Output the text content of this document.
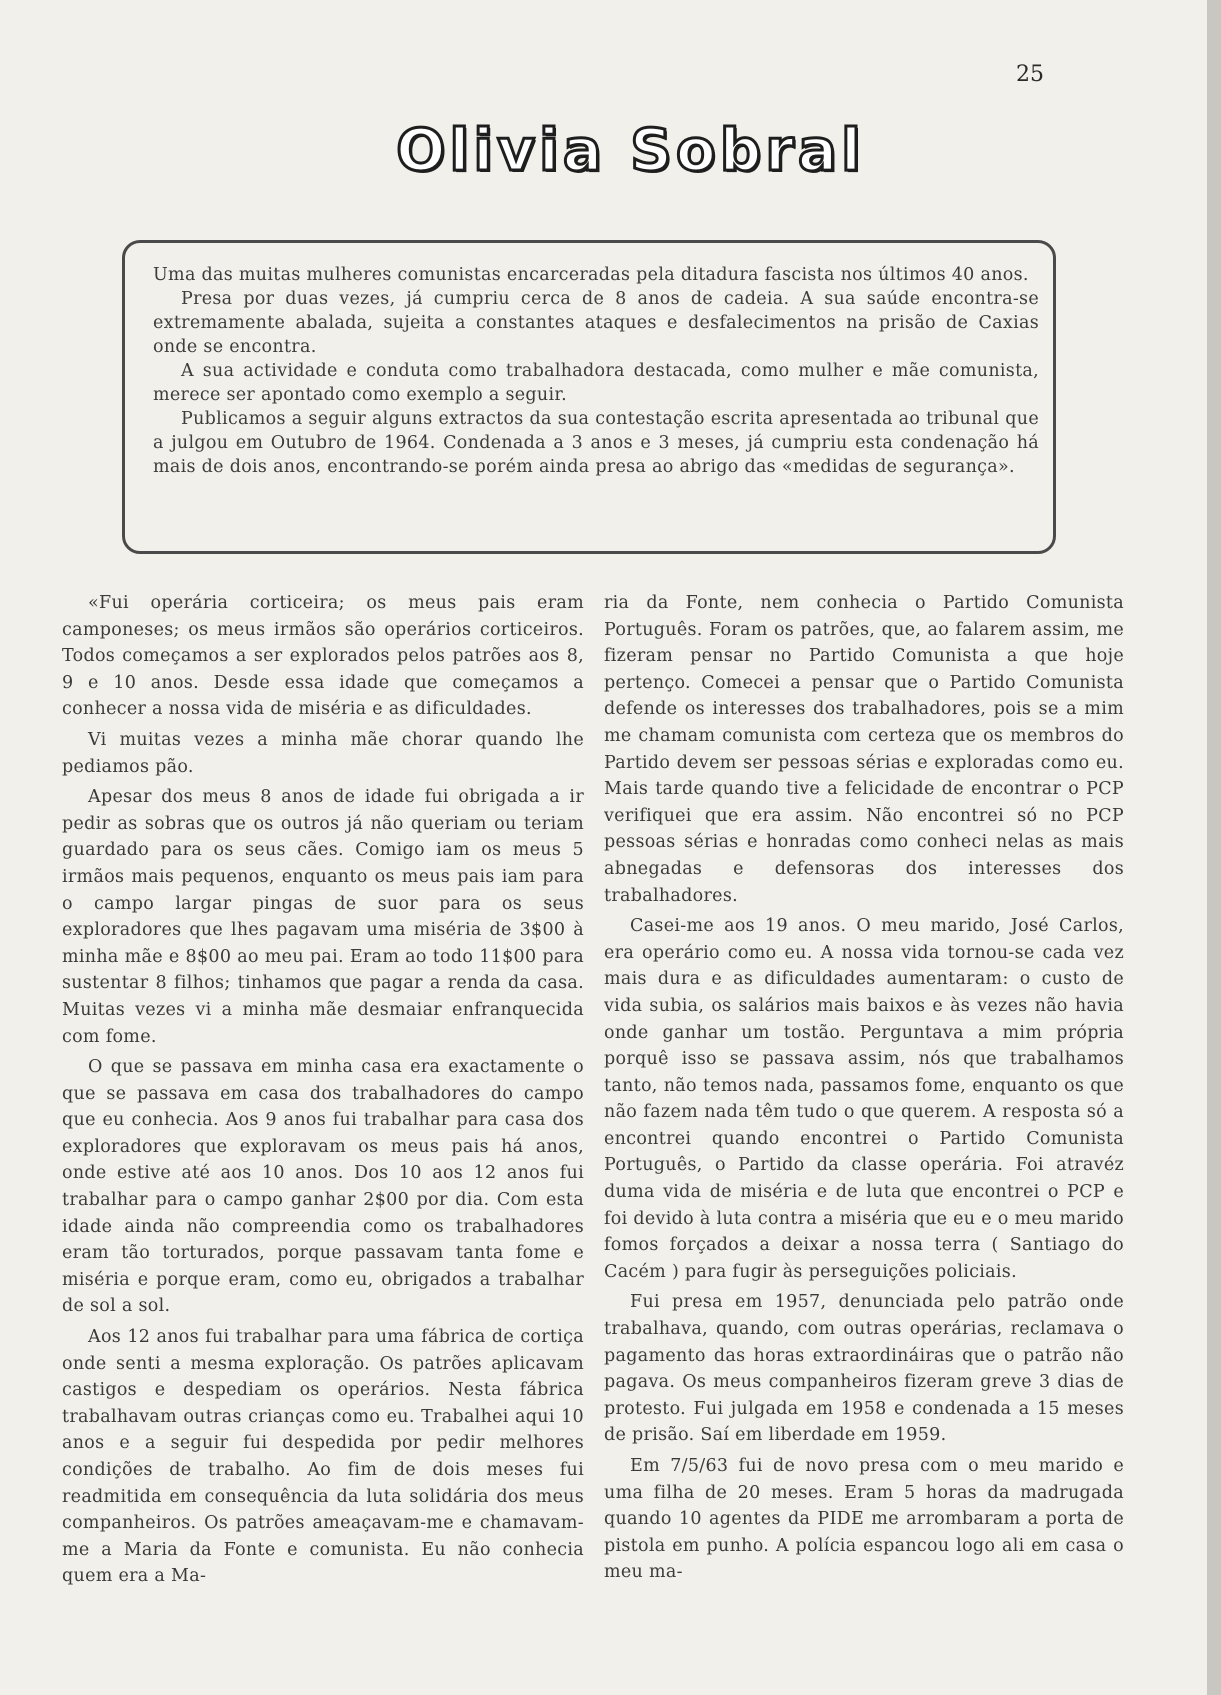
25
Olivia Sobral

Uma das muitas mulheres comunistas encarceradas pela ditadura fascista nos últimos 40 anos.

Presa por duas vezes, já cumpriu cerca de 8 anos de cadeia. A sua saúde encontra-se extremamente abalada, sujeita a constantes ataques e desfalecimentos na prisão de Caxias onde se encontra.

A sua actividade e conduta como trabalhadora destacada, como mulher e mãe comunista, merece ser apontado como exemplo a seguir.

Publicamos a seguir alguns extractos da sua contestação escrita apresentada ao tribunal que a julgou em Outubro de 1964. Condenada a 3 anos e 3 meses, já cumpriu esta condenação há mais de dois anos, encontrando-se porém ainda presa ao abrigo das «medidas de segurança».

«Fui operária corticeira; os meus pais eram camponeses; os meus irmãos são operários corticeiros. Todos começamos a ser explorados pelos patrões aos 8, 9 e 10 anos. Desde essa idade que começamos a conhecer a nossa vida de miséria e as dificuldades.

Vi muitas vezes a minha mãe chorar quando lhe pediamos pão.

Apesar dos meus 8 anos de idade fui obrigada a ir pedir as sobras que os outros já não queriam ou teriam guardado para os seus cães. Comigo iam os meus 5 irmãos mais pequenos, enquanto os meus pais iam para o campo largar pingas de suor para os seus exploradores que lhes pagavam uma miséria de 3$00 à minha mãe e 8$00 ao meu pai. Eram ao todo 11$00 para sustentar 8 filhos; tinhamos que pagar a renda da casa. Muitas vezes vi a minha mãe desmaiar enfranquecida com fome.

O que se passava em minha casa era exactamente o que se passava em casa dos trabalhadores do campo que eu conhecia. Aos 9 anos fui trabalhar para casa dos exploradores que exploravam os meus pais há anos, onde estive até aos 10 anos. Dos 10 aos 12 anos fui trabalhar para o campo ganhar 2$00 por dia. Com esta idade ainda não compreendia como os trabalhadores eram tão torturados, porque passavam tanta fome e miséria e porque eram, como eu, obrigados a trabalhar de sol a sol.

Aos 12 anos fui trabalhar para uma fábrica de cortiça onde senti a mesma exploração. Os patrões aplicavam castigos e despediam os operários. Nesta fábrica trabalhavam outras crianças como eu. Trabalhei aqui 10 anos e a seguir fui despedida por pedir melhores condições de trabalho. Ao fim de dois meses fui readmitida em consequência da luta solidária dos meus companheiros. Os patrões ameaçavam-me e chamavam-me a Maria da Fonte e comunista. Eu não conhecia quem era a Ma-

ria da Fonte, nem conhecia o Partido Comunista Português. Foram os patrões, que, ao falarem assim, me fizeram pensar no Partido Comunista a que hoje pertenço. Comecei a pensar que o Partido Comunista defende os interesses dos trabalhadores, pois se a mim me chamam comunista com certeza que os membros do Partido devem ser pessoas sérias e exploradas como eu. Mais tarde quando tive a felicidade de encontrar o PCP verifiquei que era assim. Não encontrei só no PCP pessoas sérias e honradas como conheci nelas as mais abnegadas e defensoras dos interesses dos trabalhadores.

Casei-me aos 19 anos. O meu marido, José Carlos, era operário como eu. A nossa vida tornou-se cada vez mais dura e as dificuldades aumentaram: o custo de vida subia, os salários mais baixos e às vezes não havia onde ganhar um tostão. Perguntava a mim própria porquê isso se passava assim, nós que trabalhamos tanto, não temos nada, passamos fome, enquanto os que não fazem nada têm tudo o que querem. A resposta só a encontrei quando encontrei o Partido Comunista Português, o Partido da classe operária. Foi atravéz duma vida de miséria e de luta que encontrei o PCP e foi devido à luta contra a miséria que eu e o meu marido fomos forçados a deixar a nossa terra ( Santiago do Cacém ) para fugir às perseguições policiais.

Fui presa em 1957, denunciada pelo patrão onde trabalhava, quando, com outras operárias, reclamava o pagamento das horas extraordináiras que o patrão não pagava. Os meus companheiros fizeram greve 3 dias de protesto. Fui julgada em 1958 e condenada a 15 meses de prisão. Saí em liberdade em 1959.

Em 7/5/63 fui de novo presa com o meu marido e uma filha de 20 meses. Eram 5 horas da madrugada quando 10 agentes da PIDE me arrombaram a porta de pistola em punho. A polícia espancou logo ali em casa o meu ma-
